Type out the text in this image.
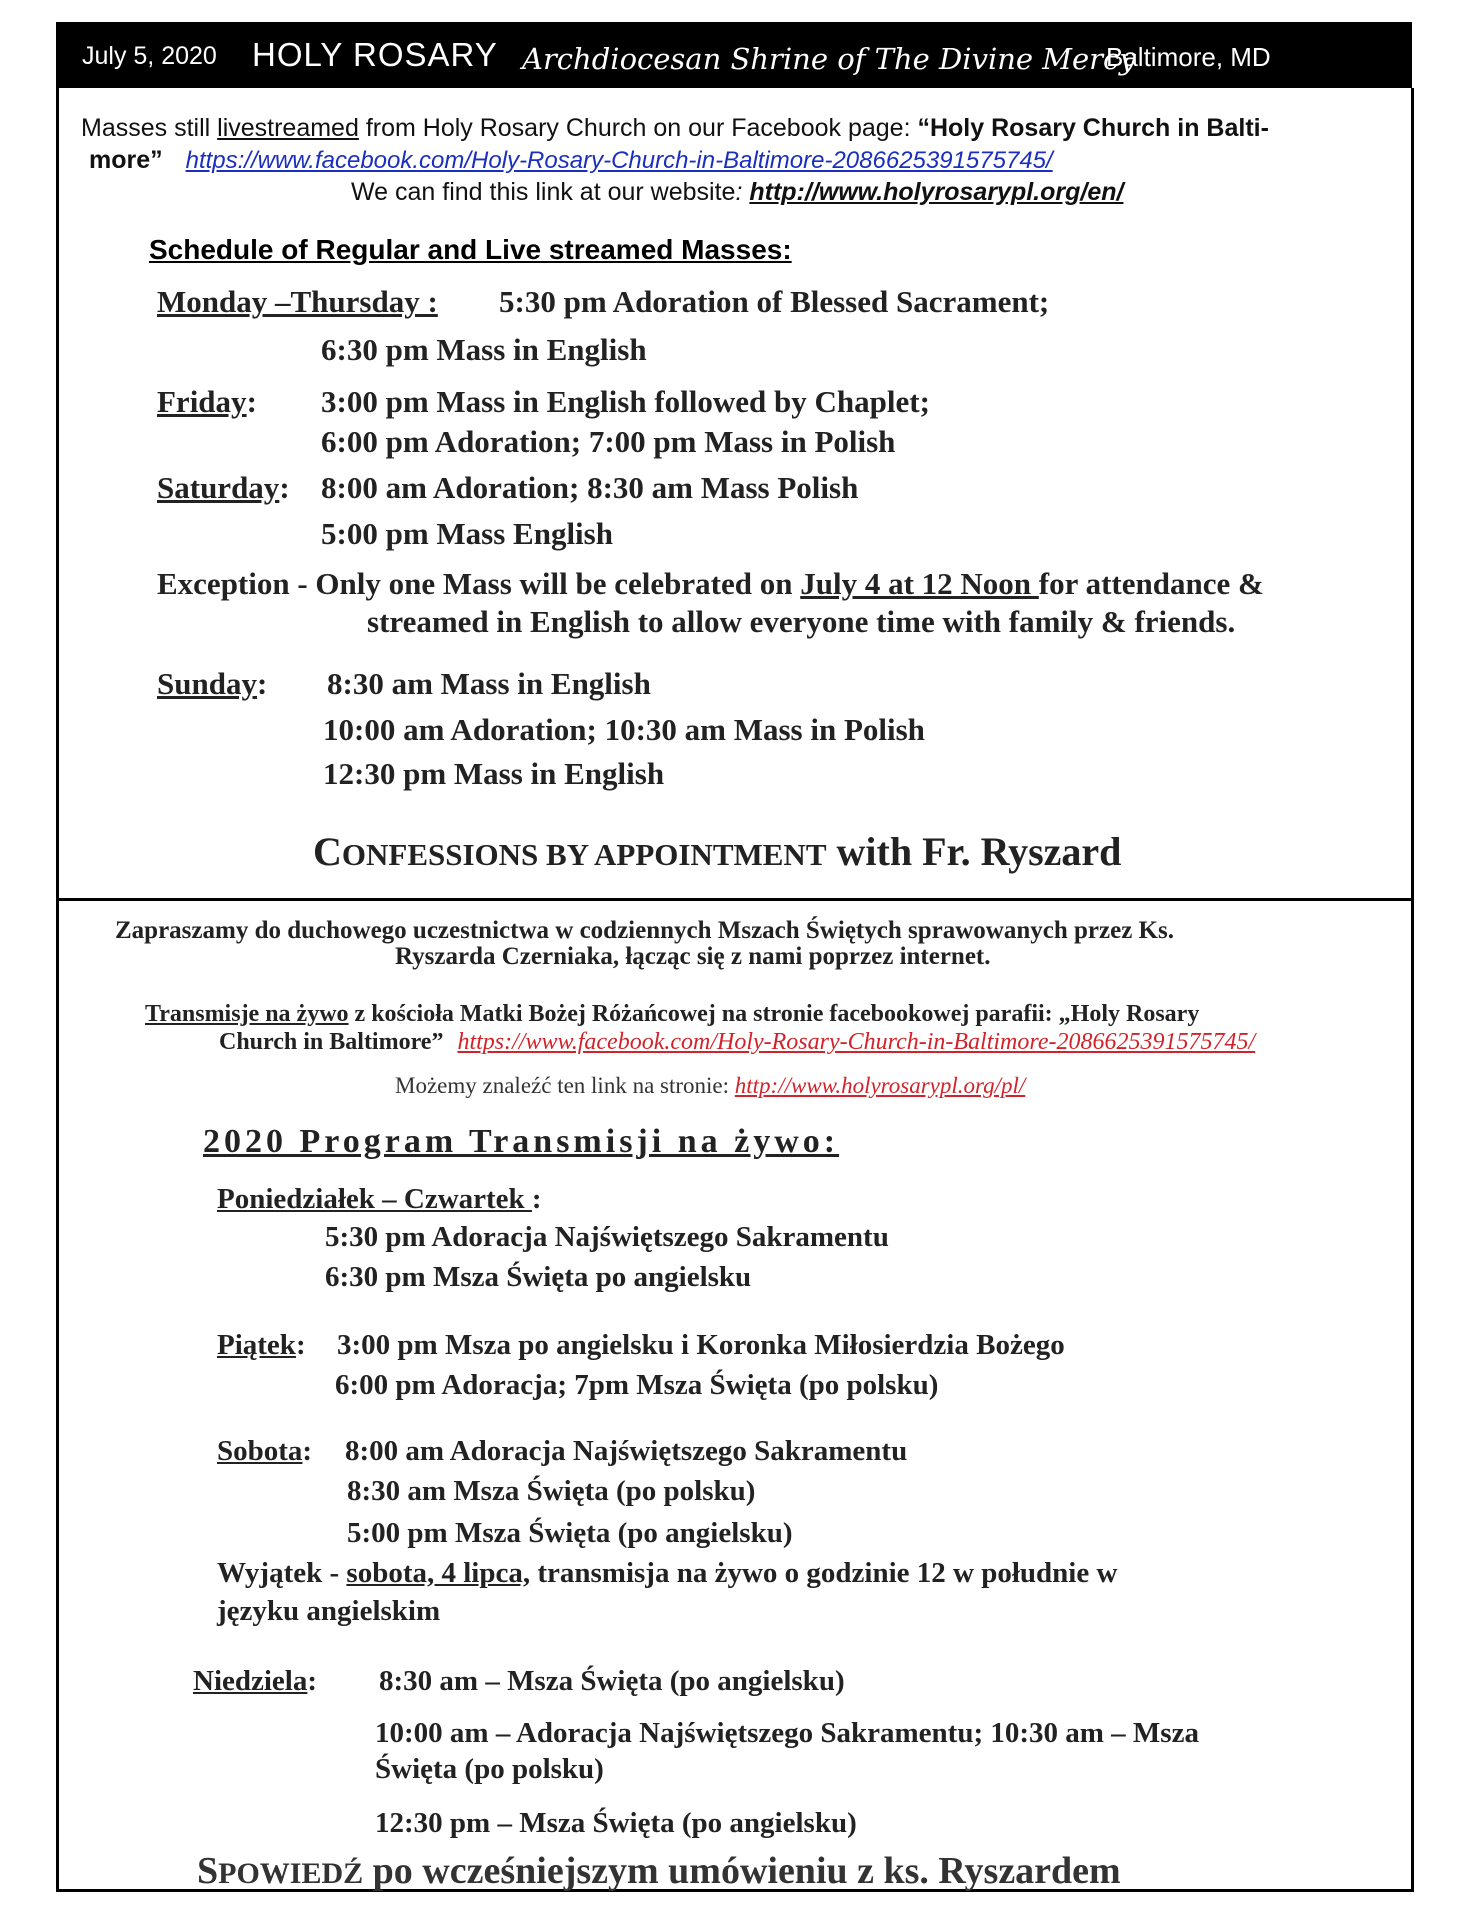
July 5, 2020 HOLY ROSARY Archdiocesan Shrine of The Divine Mercy
Baltimore, MD
Masses still livestreamed from Holy Rosary Church on our Facebook page: “Holy Rosary Church in Balti-
more” https://www.facebook.com/Holy-Rosary-Church-in-Baltimore-2086625391575745/
We can find this link at our website: http://www.holyrosarypl.org/en/
Schedule of Regular and Live streamed Masses:
Monday –Thursday : 5:30 pm Adoration of Blessed Sacrament;
6:30 pm Mass in English
Friday: 3:00 pm Mass in English followed by Chaplet;
6:00 pm Adoration; 7:00 pm Mass in Polish
Saturday: 8:00 am Adoration; 8:30 am Mass Polish
5:00 pm Mass English
Exception - Only one Mass will be celebrated on July 4 at 12 Noon for attendance &
streamed in English to allow everyone time with family & friends.
Sunday: 8:30 am Mass in English
10:00 am Adoration; 10:30 am Mass in Polish
12:30 pm Mass in English
CONFESSIONS BY APPOINTMENT with Fr. Ryszard
Zapraszamy do duchowego uczestnictwa w codziennych Mszach Świętych sprawowanych przez Ks.
Ryszarda Czerniaka, łącząc się z nami poprzez internet.
Transmisje na żywo z kościoła Matki Bożej Różańcowej na stronie facebookowej parafii: „Holy Rosary
Church in Baltimore” https://www.facebook.com/Holy-Rosary-Church-in-Baltimore-2086625391575745/
Możemy znaleźć ten link na stronie: http://www.holyrosarypl.org/pl/
2020 Program Transmisji na żywo:
Poniedziałek – Czwartek :
5:30 pm Adoracja Najświętszego Sakramentu
6:30 pm Msza Święta po angielsku
Piątek: 3:00 pm Msza po angielsku i Koronka Miłosierdzia Bożego
6:00 pm Adoracja; 7pm Msza Święta (po polsku)
Sobota: 8:00 am Adoracja Najświętszego Sakramentu
8:30 am Msza Święta (po polsku)
5:00 pm Msza Święta (po angielsku)
Wyjątek - sobota, 4 lipca, transmisja na żywo o godzinie 12 w południe w
języku angielskim
Niedziela: 8:30 am – Msza Święta (po angielsku)
10:00 am – Adoracja Najświętszego Sakramentu; 10:30 am – Msza
Święta (po polsku)
12:30 pm – Msza Święta (po angielsku)
SPOWIEDŹ po wcześniejszym umówieniu z ks. Ryszardem
